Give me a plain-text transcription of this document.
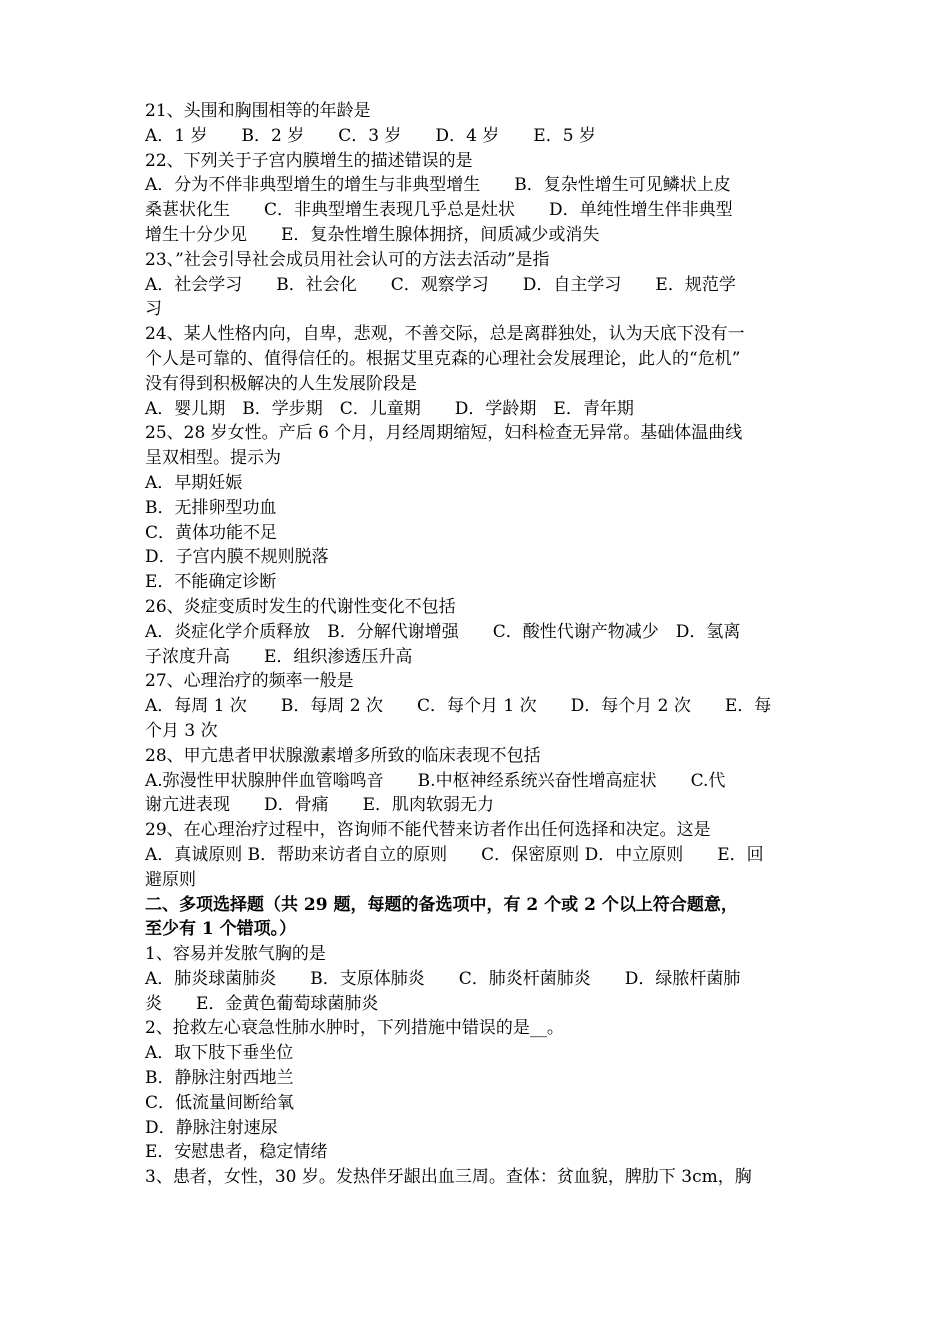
21、头围和胸围相等的年龄是
A．1 岁　　B．2 岁　　C．3 岁　　D．4 岁　　E．5 岁
22、下列关于子宫内膜增生的描述错误的是
A．分为不伴非典型增生的增生与非典型增生　　B．复杂性增生可见鳞状上皮
桑葚状化生　　C．非典型增生表现几乎总是灶状　　D．单纯性增生伴非典型
增生十分少见　　E．复杂性增生腺体拥挤，间质减少或消失
23、”社会引导社会成员用社会认可的方法去活动”是指
A．社会学习　　B．社会化　　C．观察学习　　D．自主学习　　E．规范学
习
24、某人性格内向，自卑，悲观，不善交际，总是离群独处，认为天底下没有一
个人是可靠的、值得信任的。根据艾里克森的心理社会发展理论，此人的“危机”
没有得到积极解决的人生发展阶段是
A．婴儿期　B．学步期　C．儿童期　　D．学龄期　E．青年期
25、28 岁女性。产后 6 个月，月经周期缩短，妇科检查无异常。基础体温曲线
呈双相型。提示为
A．早期妊娠
B．无排卵型功血
C．黄体功能不足
D．子宫内膜不规则脱落
E．不能确定诊断
26、炎症变质时发生的代谢性变化不包括
A．炎症化学介质释放　B．分解代谢增强　　C．酸性代谢产物减少　D．氢离
子浓度升高　　E．组织渗透压升高
27、心理治疗的频率一般是
A．每周 1 次　　B．每周 2 次　　C．每个月 1 次　　D．每个月 2 次　　E．每
个月 3 次
28、甲亢患者甲状腺激素增多所致的临床表现不包括
A.弥漫性甲状腺肿伴血管嗡鸣音　　B.中枢神经系统兴奋性增高症状　　C.代
谢亢进表现　　D．骨痛　　E．肌肉软弱无力
29、在心理治疗过程中，咨询师不能代替来访者作出任何选择和决定。这是
A．真诚原则 B．帮助来访者自立的原则　　C．保密原则 D．中立原则　　E．回
避原则
二、多项选择题（共 29 题，每题的备选项中，有 2 个或 2 个以上符合题意，
至少有 1 个错项。）
1、容易并发脓气胸的是
A．肺炎球菌肺炎　　B．支原体肺炎　　C．肺炎杆菌肺炎　　D．绿脓杆菌肺
炎　　E．金黄色葡萄球菌肺炎
2、抢救左心衰急性肺水肿时，下列措施中错误的是__。
A．取下肢下垂坐位
B．静脉注射西地兰
C．低流量间断给氧
D．静脉注射速尿
E．安慰患者，稳定情绪
3、患者，女性，30 岁。发热伴牙龈出血三周。查体：贫血貌，脾肋下 3cm，胸
